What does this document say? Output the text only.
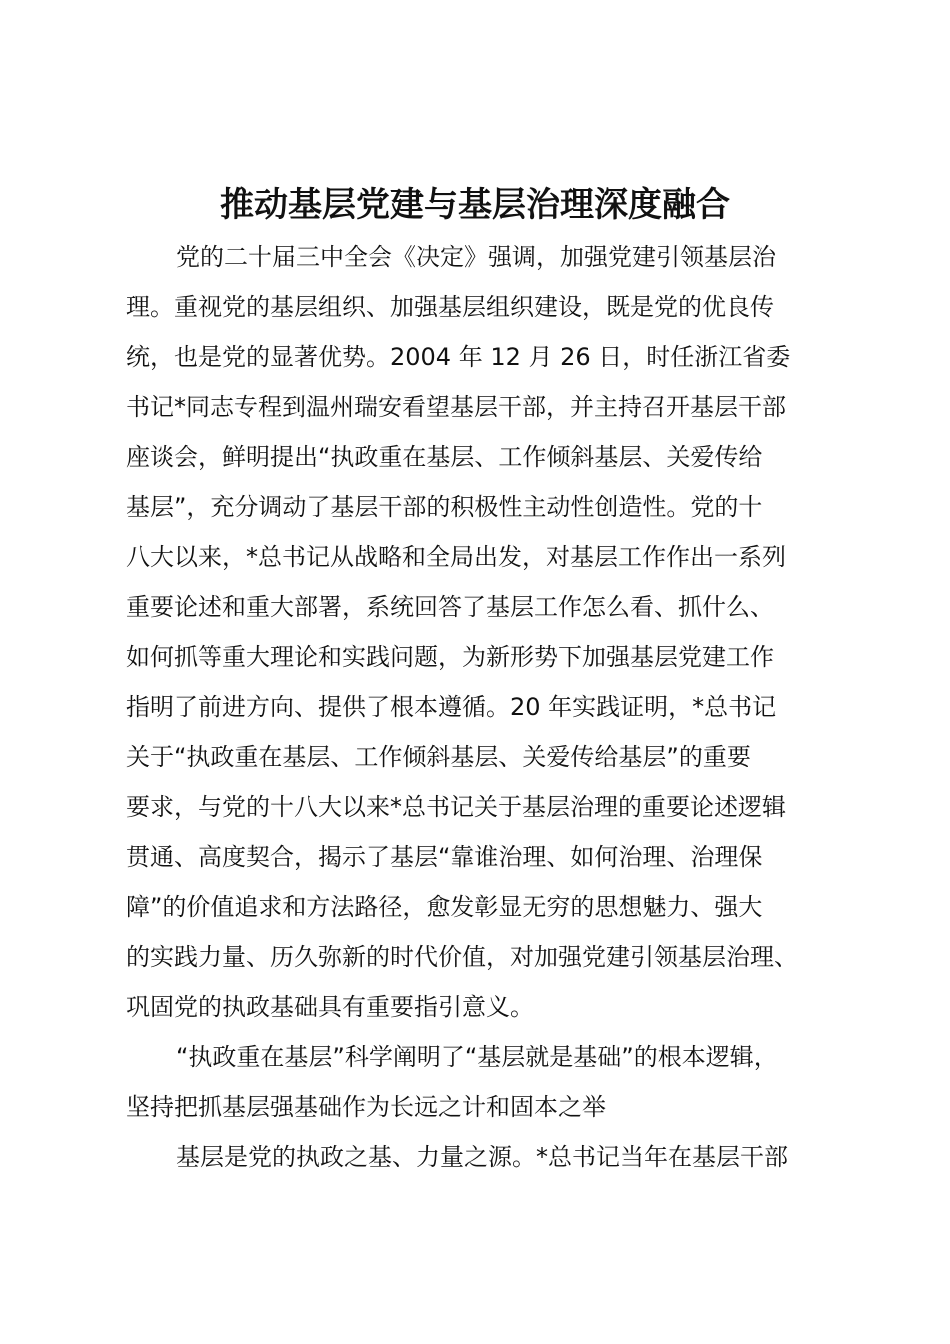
推动基层党建与基层治理深度融合

党的二十届三中全会《决定》强调，加强党建引领基层治

理。重视党的基层组织、加强基层组织建设，既是党的优良传

统，也是党的显著优势。2004 年 12 月 26 日，时任浙江省委

书记*同志专程到温州瑞安看望基层干部，并主持召开基层干部

座谈会，鲜明提出“执政重在基层、工作倾斜基层、关爱传给

基层”，充分调动了基层干部的积极性主动性创造性。党的十

八大以来，*总书记从战略和全局出发，对基层工作作出一系列

重要论述和重大部署，系统回答了基层工作怎么看、抓什么、

如何抓等重大理论和实践问题，为新形势下加强基层党建工作

指明了前进方向、提供了根本遵循。20 年实践证明，*总书记

关于“执政重在基层、工作倾斜基层、关爱传给基层”的重要

要求，与党的十八大以来*总书记关于基层治理的重要论述逻辑

贯通、高度契合，揭示了基层“靠谁治理、如何治理、治理保

障”的价值追求和方法路径，愈发彰显无穷的思想魅力、强大

的实践力量、历久弥新的时代价值，对加强党建引领基层治理、

巩固党的执政基础具有重要指引意义。

“执政重在基层”科学阐明了“基层就是基础”的根本逻辑，

坚持把抓基层强基础作为长远之计和固本之举

基层是党的执政之基、力量之源。*总书记当年在基层干部
